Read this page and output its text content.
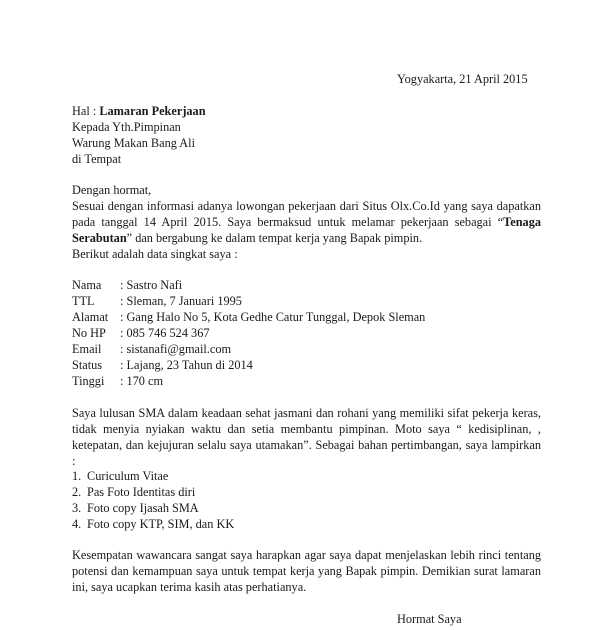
Yogyakarta, 21 April 2015
Hal : Lamaran Pekerjaan
Kepada Yth.Pimpinan
Warung Makan Bang Ali
di Tempat
Dengan hormat,
Sesuai dengan informasi adanya lowongan pekerjaan dari Situs Olx.Co.Id yang saya dapatkan pada tanggal 14 April 2015. Saya bermaksud untuk melamar pekerjaan sebagai “Tenaga Serabutan” dan bergabung ke dalam tempat kerja yang Bapak pimpin.
Berikut adalah data singkat saya :
Nama : Sastro Nafi
TTL : Sleman, 7 Januari 1995
Alamat : Gang Halo No 5, Kota Gedhe Catur Tunggal, Depok Sleman
No HP : 085 746 524 367
Email : sistanafi@gmail.com
Status : Lajang, 23 Tahun di 2014
Tinggi : 170 cm
Saya lulusan SMA dalam keadaan sehat jasmani dan rohani yang memiliki sifat pekerja keras, tidak menyia nyiakan waktu dan setia membantu pimpinan. Moto saya “ kedisiplinan, , ketepatan, dan kejujuran selalu saya utamakan”. Sebagai bahan pertimbangan, saya lampirkan :
1. Curiculum Vitae
2. Pas Foto Identitas diri
3. Foto copy Ijasah SMA
4. Foto copy KTP, SIM, dan KK
Kesempatan wawancara sangat saya harapkan agar saya dapat menjelaskan lebih rinci tentang potensi dan kemampuan saya untuk tempat kerja yang Bapak pimpin. Demikian surat lamaran ini, saya ucapkan terima kasih atas perhatianya.
Hormat Saya
